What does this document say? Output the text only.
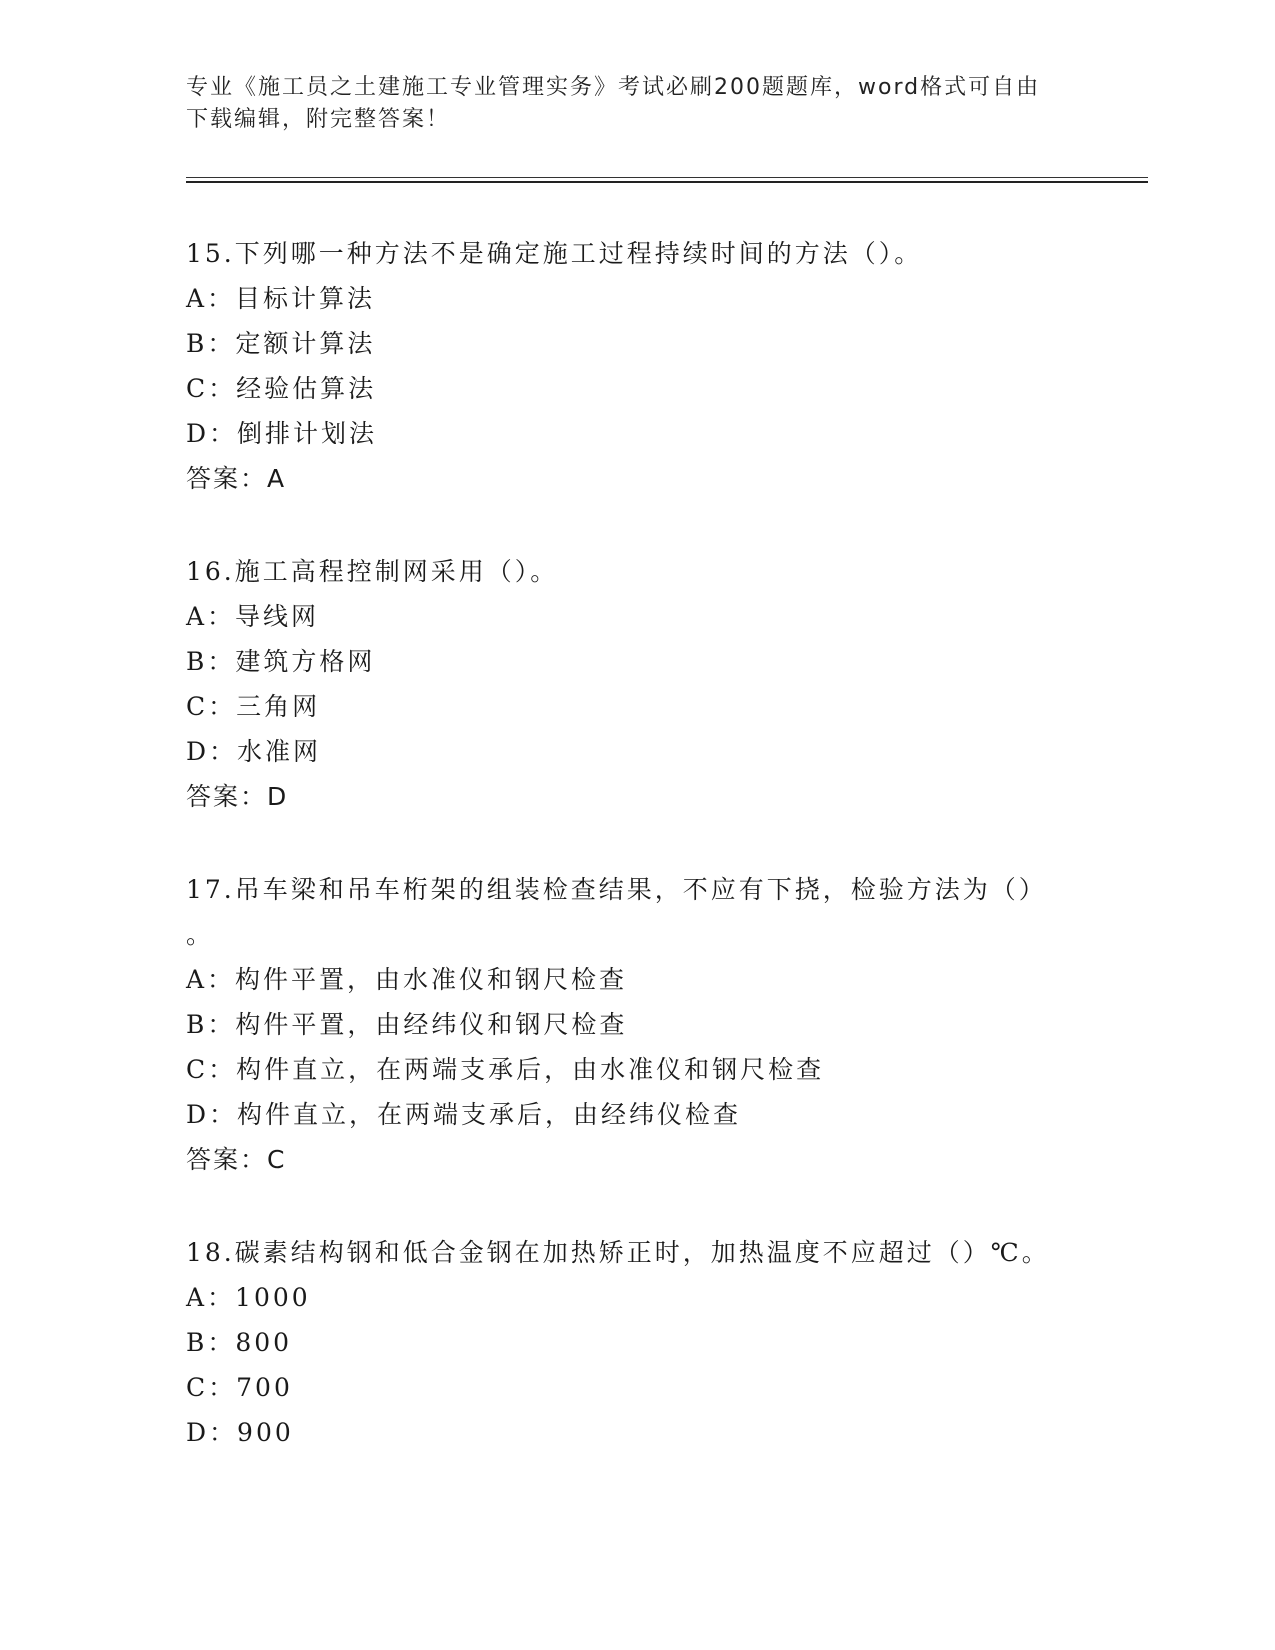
专业《施工员之土建施工专业管理实务》考试必刷200题题库，word格式可自由
下载编辑，附完整答案！
15.下列哪一种方法不是确定施工过程持续时间的方法（）。
A：目标计算法
B：定额计算法
C：经验估算法
D：倒排计划法
答案：A
16.施工高程控制网采用（）。
A：导线网
B：建筑方格网
C：三角网
D：水准网
答案：D
17.吊车梁和吊车桁架的组装检查结果，不应有下挠，检验方法为（）
。
A：构件平置，由水准仪和钢尺检查
B：构件平置，由经纬仪和钢尺检查
C：构件直立，在两端支承后，由水准仪和钢尺检查
D：构件直立，在两端支承后，由经纬仪检查
答案：C
18.碳素结构钢和低合金钢在加热矫正时，加热温度不应超过（）℃。
A：1000
B：800
C：700
D：900
